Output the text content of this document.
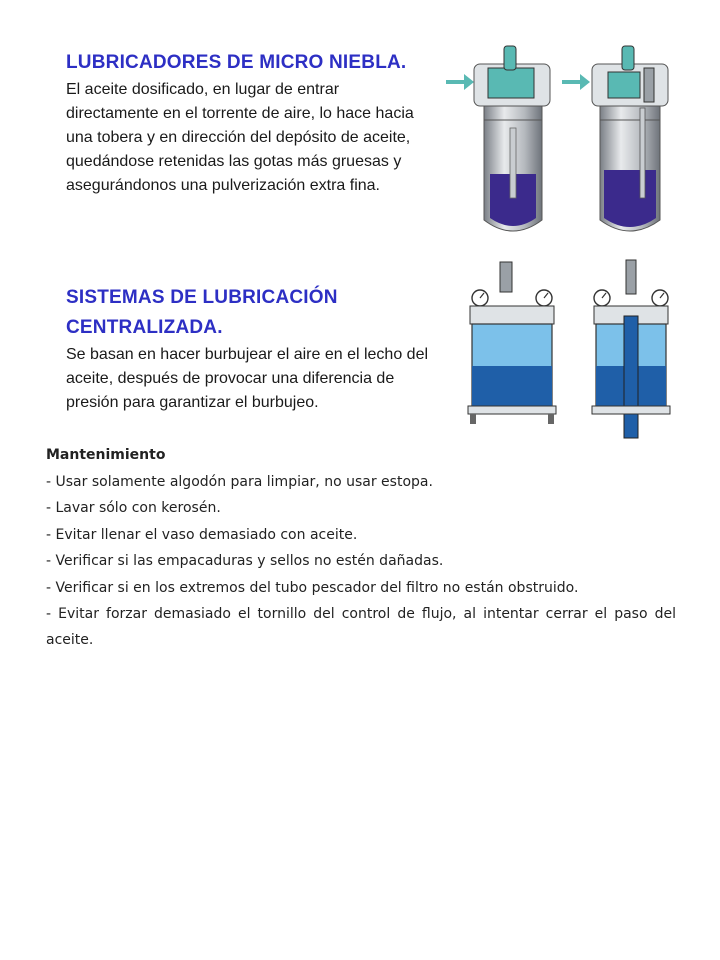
LUBRICADORES DE MICRO NIEBLA.

El aceite dosificado, en lugar de entrar

directamente en el torrente de aire, lo hace hacia

una tobera y en dirección del depósito de aceite,

quedándose retenidas las gotas más gruesas y

asegurándonos una pulverización extra fina.

SISTEMAS DE LUBRICACIÓN
CENTRALIZADA.

Se basan en hacer burbujear el aire en el lecho del

aceite, después de provocar una diferencia de

presión para garantizar el burbujeo.

Mantenimiento

- Usar solamente algodón para limpiar, no usar estopa.

- Lavar sólo con kerosén.

- Evitar llenar el vaso demasiado con aceite.

- Verificar si las empacaduras y sellos no estén dañadas.

- Verificar si en los extremos del tubo pescador del filtro no están obstruido.

- Evitar forzar demasiado el tornillo del control de flujo, al intentar cerrar el paso del aceite.
